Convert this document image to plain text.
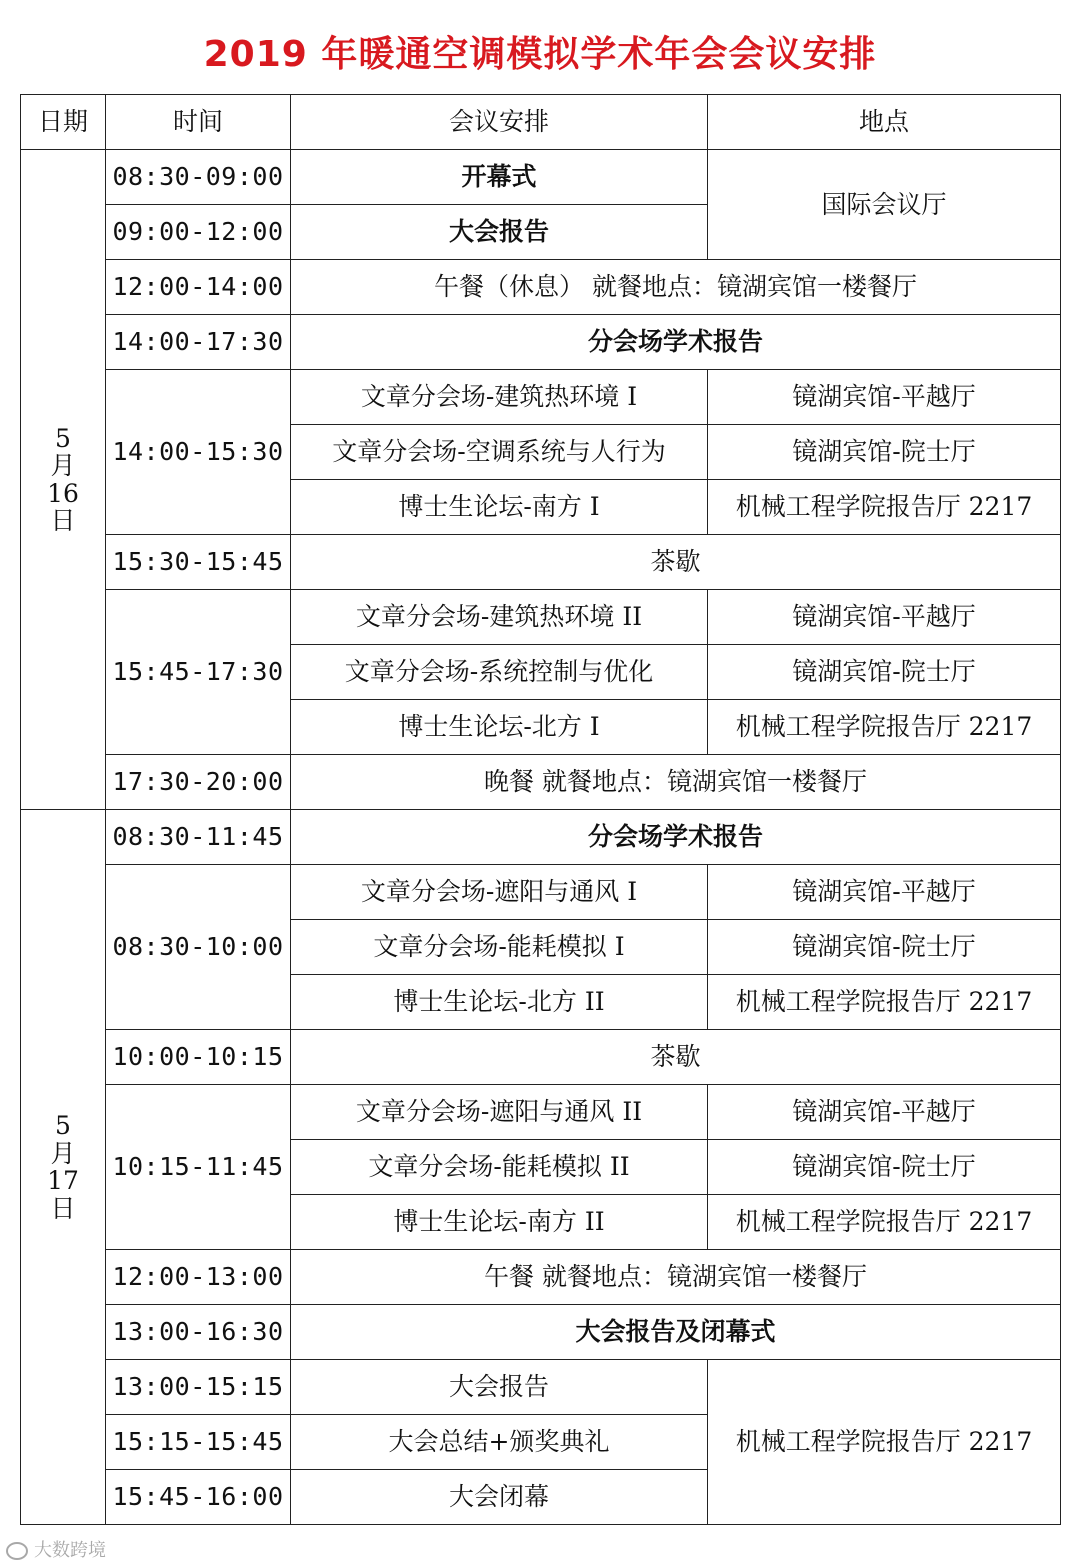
2019 年暖通空调模拟学术年会会议安排
日期	时间	会议安排	地点

5
月
16
日	08:30-09:00	开幕式	国际会议厅
	09:00-12:00	大会报告	
	12:00-14:00	午餐（休息） 就餐地点：镜湖宾馆一楼餐厅	
	14:00-17:30	分会场学术报告	
	14:00-15:30	文章分会场-建筑热环境 I	镜湖宾馆-平越厅
		文章分会场-空调系统与人行为	镜湖宾馆-院士厅
		博士生论坛-南方 I	机械工程学院报告厅 2217
	15:30-15:45	茶歇	
	15:45-17:30	文章分会场-建筑热环境 II	镜湖宾馆-平越厅
		文章分会场-系统控制与优化	镜湖宾馆-院士厅
		博士生论坛-北方 I	机械工程学院报告厅 2217
	17:30-20:00	晚餐 就餐地点：镜湖宾馆一楼餐厅	

5
月
17
日	08:30-11:45	分会场学术报告	
	08:30-10:00	文章分会场-遮阳与通风 I	镜湖宾馆-平越厅
		文章分会场-能耗模拟 I	镜湖宾馆-院士厅
		博士生论坛-北方 II	机械工程学院报告厅 2217
	10:00-10:15	茶歇	
	10:15-11:45	文章分会场-遮阳与通风 II	镜湖宾馆-平越厅
		文章分会场-能耗模拟 II	镜湖宾馆-院士厅
		博士生论坛-南方 II	机械工程学院报告厅 2217
	12:00-13:00	午餐 就餐地点：镜湖宾馆一楼餐厅	
	13:00-16:30	大会报告及闭幕式	
	13:00-15:15	大会报告	机械工程学院报告厅 2217
	15:15-15:45	大会总结+颁奖典礼	
	15:45-16:00	大会闭幕	
大数跨境
